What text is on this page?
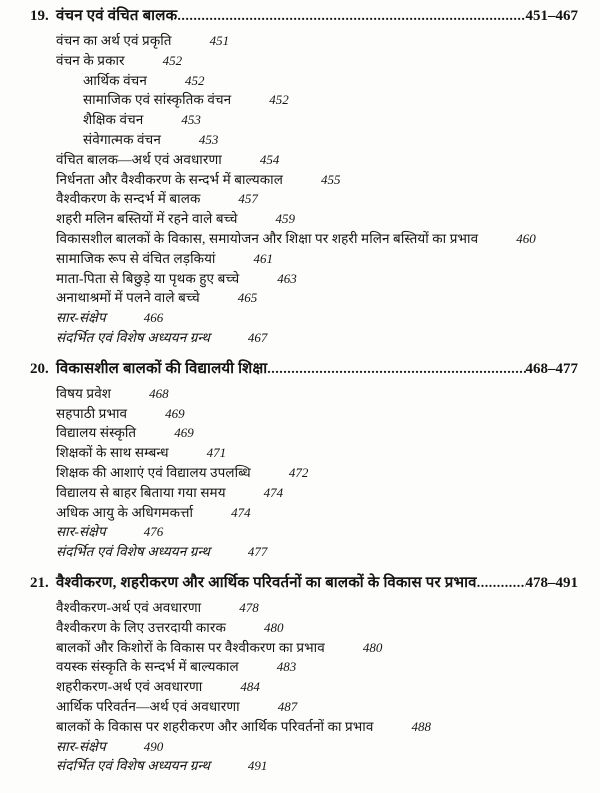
19. वंचन एवं वंचित बालक .....	451–467
वंचन का अर्थ एवं प्रकृति	451
वंचन के प्रकार	452
आर्थिक वंचन	452
सामाजिक एवं सांस्कृतिक वंचन	452
शैक्षिक वंचन	453
संवेगात्मक वंचन	453
वंचित बालक—अर्थ एवं अवधारणा	454
निर्धनता और वैश्वीकरण के सन्दर्भ में बाल्यकाल	455
वैश्वीकरण के सन्दर्भ में बालक	457
शहरी मलिन बस्तियों में रहने वाले बच्चे	459
विकासशील बालकों के विकास, समायोजन और शिक्षा पर शहरी मलिन बस्तियों का प्रभाव	460
सामाजिक रूप से वंचित लड़कियां	461
माता-पिता से बिछुड़े या पृथक हुए बच्चे	463
अनाथाश्रमों में पलने वाले बच्चे	465
सार-संक्षेप	466
संदर्भित एवं विशेष अध्ययन ग्रन्थ	467
20. विकासशील बालकों की विद्यालयी शिक्षा .....	468–477
विषय प्रवेश	468
सहपाठी प्रभाव	469
विद्यालय संस्कृति	469
शिक्षकों के साथ सम्बन्ध	471
शिक्षक की आशाएं एवं विद्यालय उपलब्धि	472
विद्यालय से बाहर बिताया गया समय	474
अधिक आयु के अधिगमकर्त्ता	474
सार-संक्षेप	476
संदर्भित एवं विशेष अध्ययन ग्रन्थ	477
21. वैश्वीकरण, शहरीकरण और आर्थिक परिवर्तनों का बालकों के विकास पर प्रभाव .....	478–491
वैश्वीकरण-अर्थ एवं अवधारणा	478
वैश्वीकरण के लिए उत्तरदायी कारक	480
बालकों और किशोरों के विकास पर वैश्वीकरण का प्रभाव	480
वयस्क संस्कृति के सन्दर्भ में बाल्यकाल	483
शहरीकरण-अर्थ एवं अवधारणा	484
आर्थिक परिवर्तन—अर्थ एवं अवधारणा	487
बालकों के विकास पर शहरीकरण और आर्थिक परिवर्तनों का प्रभाव	488
सार-संक्षेप	490
संदर्भित एवं विशेष अध्ययन ग्रन्थ	491
